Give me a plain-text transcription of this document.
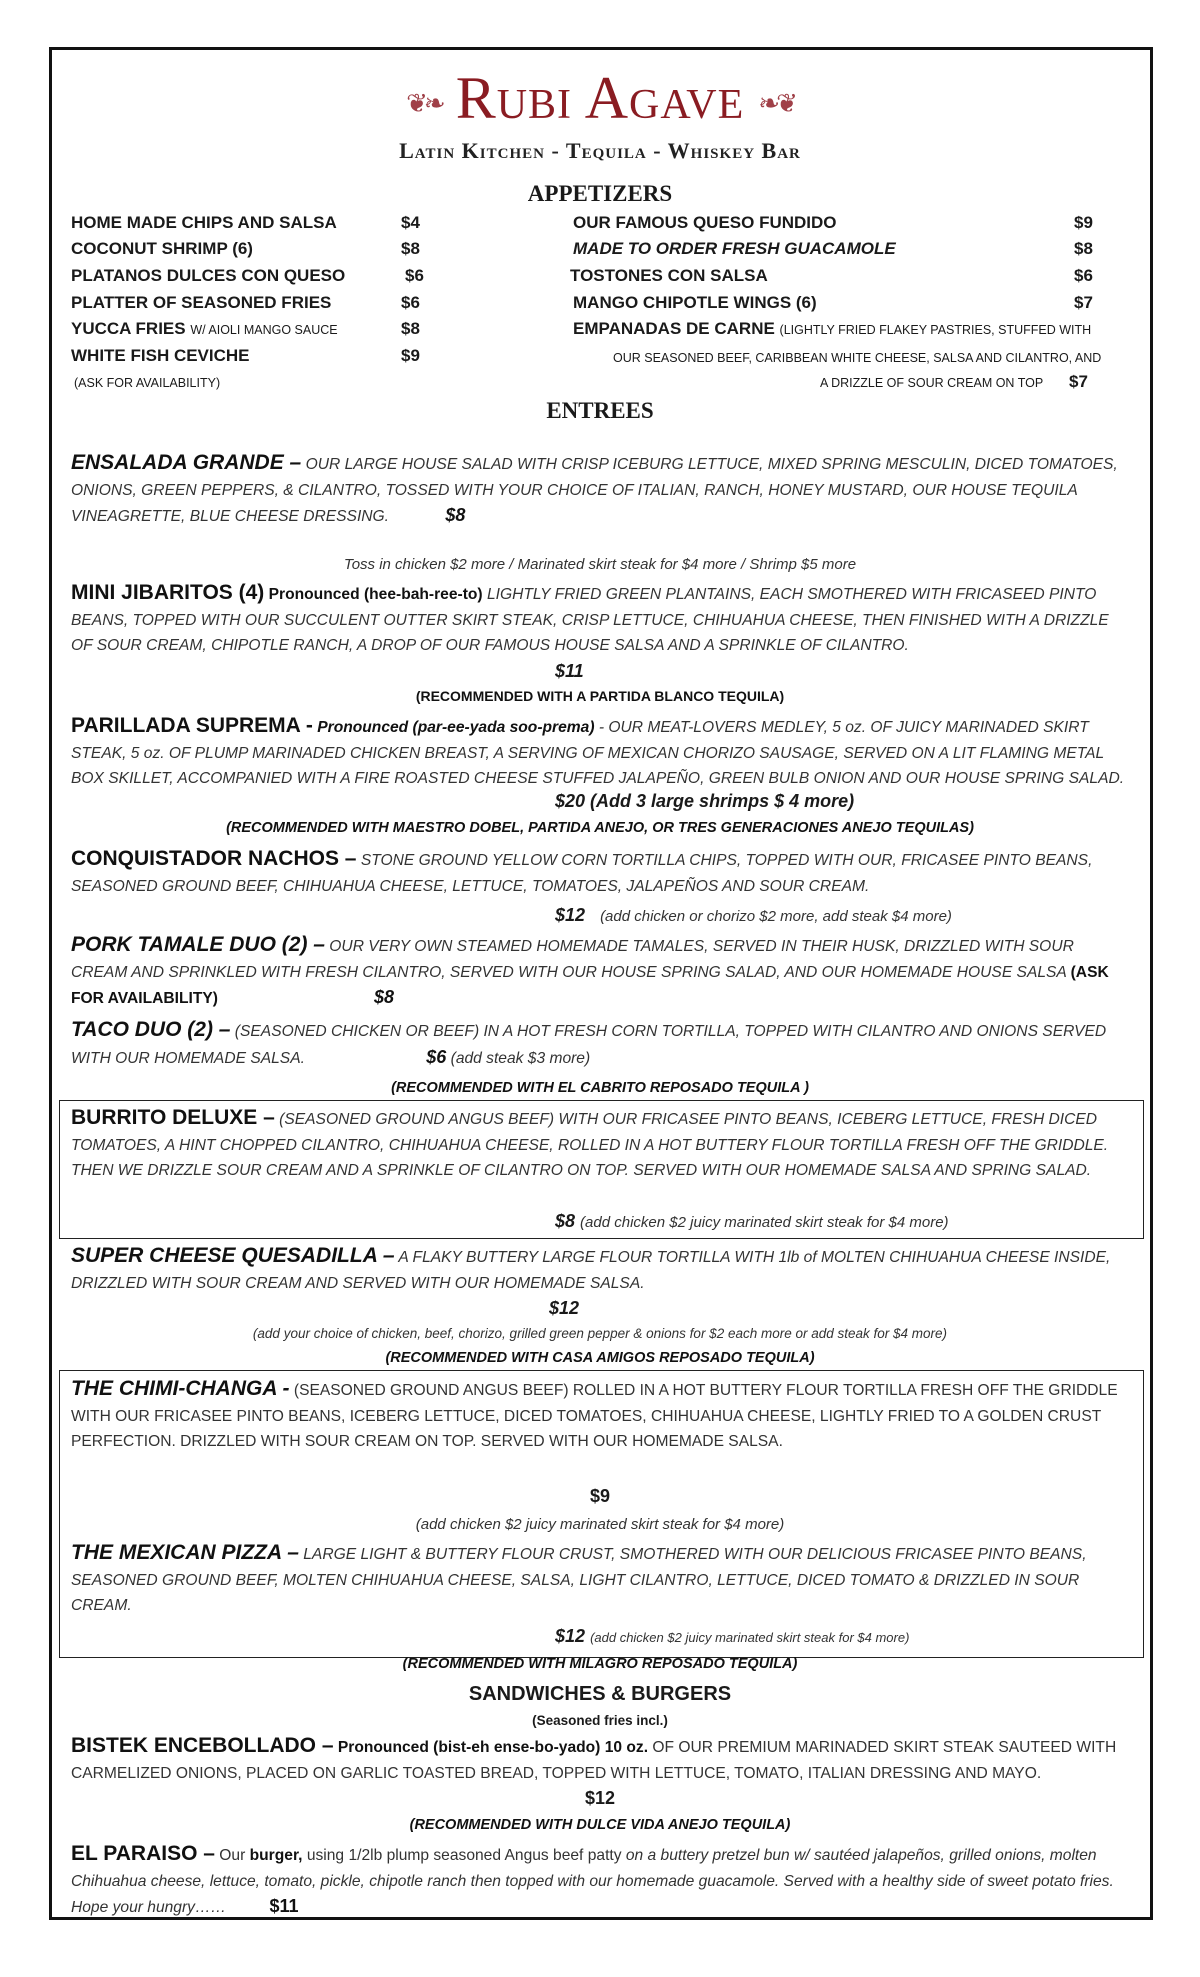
❦❧ Rubi Agave ❧❦
Latin Kitchen - Tequila - Whiskey Bar
APPETIZERS
HOME MADE CHIPS AND SALSA	$4
COCONUT SHRIMP (6)	$8
PLATANOS DULCES CON QUESO	$6
PLATTER OF SEASONED FRIES	$6
YUCCA FRIES W/ AIOLI MANGO SAUCE	$8
WHITE FISH CEVICHE	$9
(ASK FOR AVAILABILITY)
OUR FAMOUS QUESO FUNDIDO	$9
MADE TO ORDER FRESH GUACAMOLE	$8
TOSTONES CON SALSA	$6
MANGO CHIPOTLE WINGS (6)	$7
EMPANADAS DE CARNE (LIGHTLY FRIED FLAKEY PASTRIES, STUFFED WITH
OUR SEASONED BEEF, CARIBBEAN WHITE CHEESE, SALSA AND CILANTRO, AND
A DRIZZLE OF SOUR CREAM ON TOP $7
ENTREES
ENSALADA GRANDE – OUR LARGE HOUSE SALAD WITH CRISP ICEBURG LETTUCE, MIXED SPRING MESCULIN, DICED TOMATOES, ONIONS, GREEN PEPPERS, & CILANTRO, TOSSED WITH YOUR CHOICE OF ITALIAN, RANCH, HONEY MUSTARD, OUR HOUSE TEQUILA VINEAGRETTE, BLUE CHEESE DRESSING.	$8
Toss in chicken $2 more / Marinated skirt steak for $4 more / Shrimp $5 more
MINI JIBARITOS (4) Pronounced (hee-bah-ree-to) LIGHTLY FRIED GREEN PLANTAINS, EACH SMOTHERED WITH FRICASEED PINTO BEANS, TOPPED WITH OUR SUCCULENT OUTTER SKIRT STEAK, CRISP LETTUCE, CHIHUAHUA CHEESE, THEN FINISHED WITH A DRIZZLE OF SOUR CREAM, CHIPOTLE RANCH, A DROP OF OUR FAMOUS HOUSE SALSA AND A SPRINKLE OF CILANTRO.
$11
(RECOMMENDED WITH A PARTIDA BLANCO TEQUILA)
PARILLADA SUPREMA - Pronounced (par-ee-yada soo-prema) - OUR MEAT-LOVERS MEDLEY, 5 oz. OF JUICY MARINADED SKIRT STEAK, 5 oz. OF PLUMP MARINADED CHICKEN BREAST, A SERVING OF MEXICAN CHORIZO SAUSAGE, SERVED ON A LIT FLAMING METAL BOX SKILLET, ACCOMPANIED WITH A FIRE ROASTED CHEESE STUFFED JALAPEÑO, GREEN BULB ONION AND OUR HOUSE SPRING SALAD.
$20 (Add 3 large shrimps $ 4 more)
(RECOMMENDED WITH MAESTRO DOBEL, PARTIDA ANEJO, OR TRES GENERACIONES ANEJO TEQUILAS)
CONQUISTADOR NACHOS – STONE GROUND YELLOW CORN TORTILLA CHIPS, TOPPED WITH OUR, FRICASEE PINTO BEANS, SEASONED GROUND BEEF, CHIHUAHUA CHEESE, LETTUCE, TOMATOES, JALAPEÑOS AND SOUR CREAM.
$12 (add chicken or chorizo $2 more, add steak $4 more)
PORK TAMALE DUO (2) – OUR VERY OWN STEAMED HOMEMADE TAMALES, SERVED IN THEIR HUSK, DRIZZLED WITH SOUR CREAM AND SPRINKLED WITH FRESH CILANTRO, SERVED WITH OUR HOUSE SPRING SALAD, AND OUR HOMEMADE HOUSE SALSA (ASK FOR AVAILABILITY)	$8
TACO DUO (2) – (SEASONED CHICKEN OR BEEF) IN A HOT FRESH CORN TORTILLA, TOPPED WITH CILANTRO AND ONIONS SERVED WITH OUR HOMEMADE SALSA.	$6 (add steak $3 more)
(RECOMMENDED WITH EL CABRITO REPOSADO TEQUILA )
BURRITO DELUXE – (SEASONED GROUND ANGUS BEEF) WITH OUR FRICASEE PINTO BEANS, ICEBERG LETTUCE, FRESH DICED TOMATOES, A HINT CHOPPED CILANTRO, CHIHUAHUA CHEESE, ROLLED IN A HOT BUTTERY FLOUR TORTILLA FRESH OFF THE GRIDDLE. THEN WE DRIZZLE SOUR CREAM AND A SPRINKLE OF CILANTRO ON TOP. SERVED WITH OUR HOMEMADE SALSA AND SPRING SALAD.
$8 (add chicken $2 juicy marinated skirt steak for $4 more)
SUPER CHEESE QUESADILLA – A FLAKY BUTTERY LARGE FLOUR TORTILLA WITH 1lb of MOLTEN CHIHUAHUA CHEESE INSIDE, DRIZZLED WITH SOUR CREAM AND SERVED WITH OUR HOMEMADE SALSA.
$12
(add your choice of chicken, beef, chorizo, grilled green pepper & onions for $2 each more or add steak for $4 more)
(RECOMMENDED WITH CASA AMIGOS REPOSADO TEQUILA)
THE CHIMI-CHANGA - (SEASONED GROUND ANGUS BEEF) ROLLED IN A HOT BUTTERY FLOUR TORTILLA FRESH OFF THE GRIDDLE WITH OUR FRICASEE PINTO BEANS, ICEBERG LETTUCE, DICED TOMATOES, CHIHUAHUA CHEESE, LIGHTLY FRIED TO A GOLDEN CRUST PERFECTION. DRIZZLED WITH SOUR CREAM ON TOP. SERVED WITH OUR HOMEMADE SALSA.
$9
(add chicken $2 juicy marinated skirt steak for $4 more)
THE MEXICAN PIZZA – LARGE LIGHT & BUTTERY FLOUR CRUST, SMOTHERED WITH OUR DELICIOUS FRICASEE PINTO BEANS, SEASONED GROUND BEEF, MOLTEN CHIHUAHUA CHEESE, SALSA, LIGHT CILANTRO, LETTUCE, DICED TOMATO & DRIZZLED IN SOUR CREAM.
$12 (add chicken $2 juicy marinated skirt steak for $4 more)
(RECOMMENDED WITH MILAGRO REPOSADO TEQUILA)
SANDWICHES & BURGERS
(Seasoned fries incl.)
BISTEK ENCEBOLLADO – Pronounced (bist-eh ense-bo-yado) 10 oz. OF OUR PREMIUM MARINADED SKIRT STEAK SAUTEED WITH CARMELIZED ONIONS, PLACED ON GARLIC TOASTED BREAD, TOPPED WITH LETTUCE, TOMATO, ITALIAN DRESSING AND MAYO.
$12
(RECOMMENDED WITH DULCE VIDA ANEJO TEQUILA)
EL PARAISO – Our burger, using 1/2lb plump seasoned Angus beef patty on a buttery pretzel bun w/ sautéed jalapeños, grilled onions, molten Chihuahua cheese, lettuce, tomato, pickle, chipotle ranch then topped with our homemade guacamole. Served with a healthy side of sweet potato fries. Hope your hungry…… $11
